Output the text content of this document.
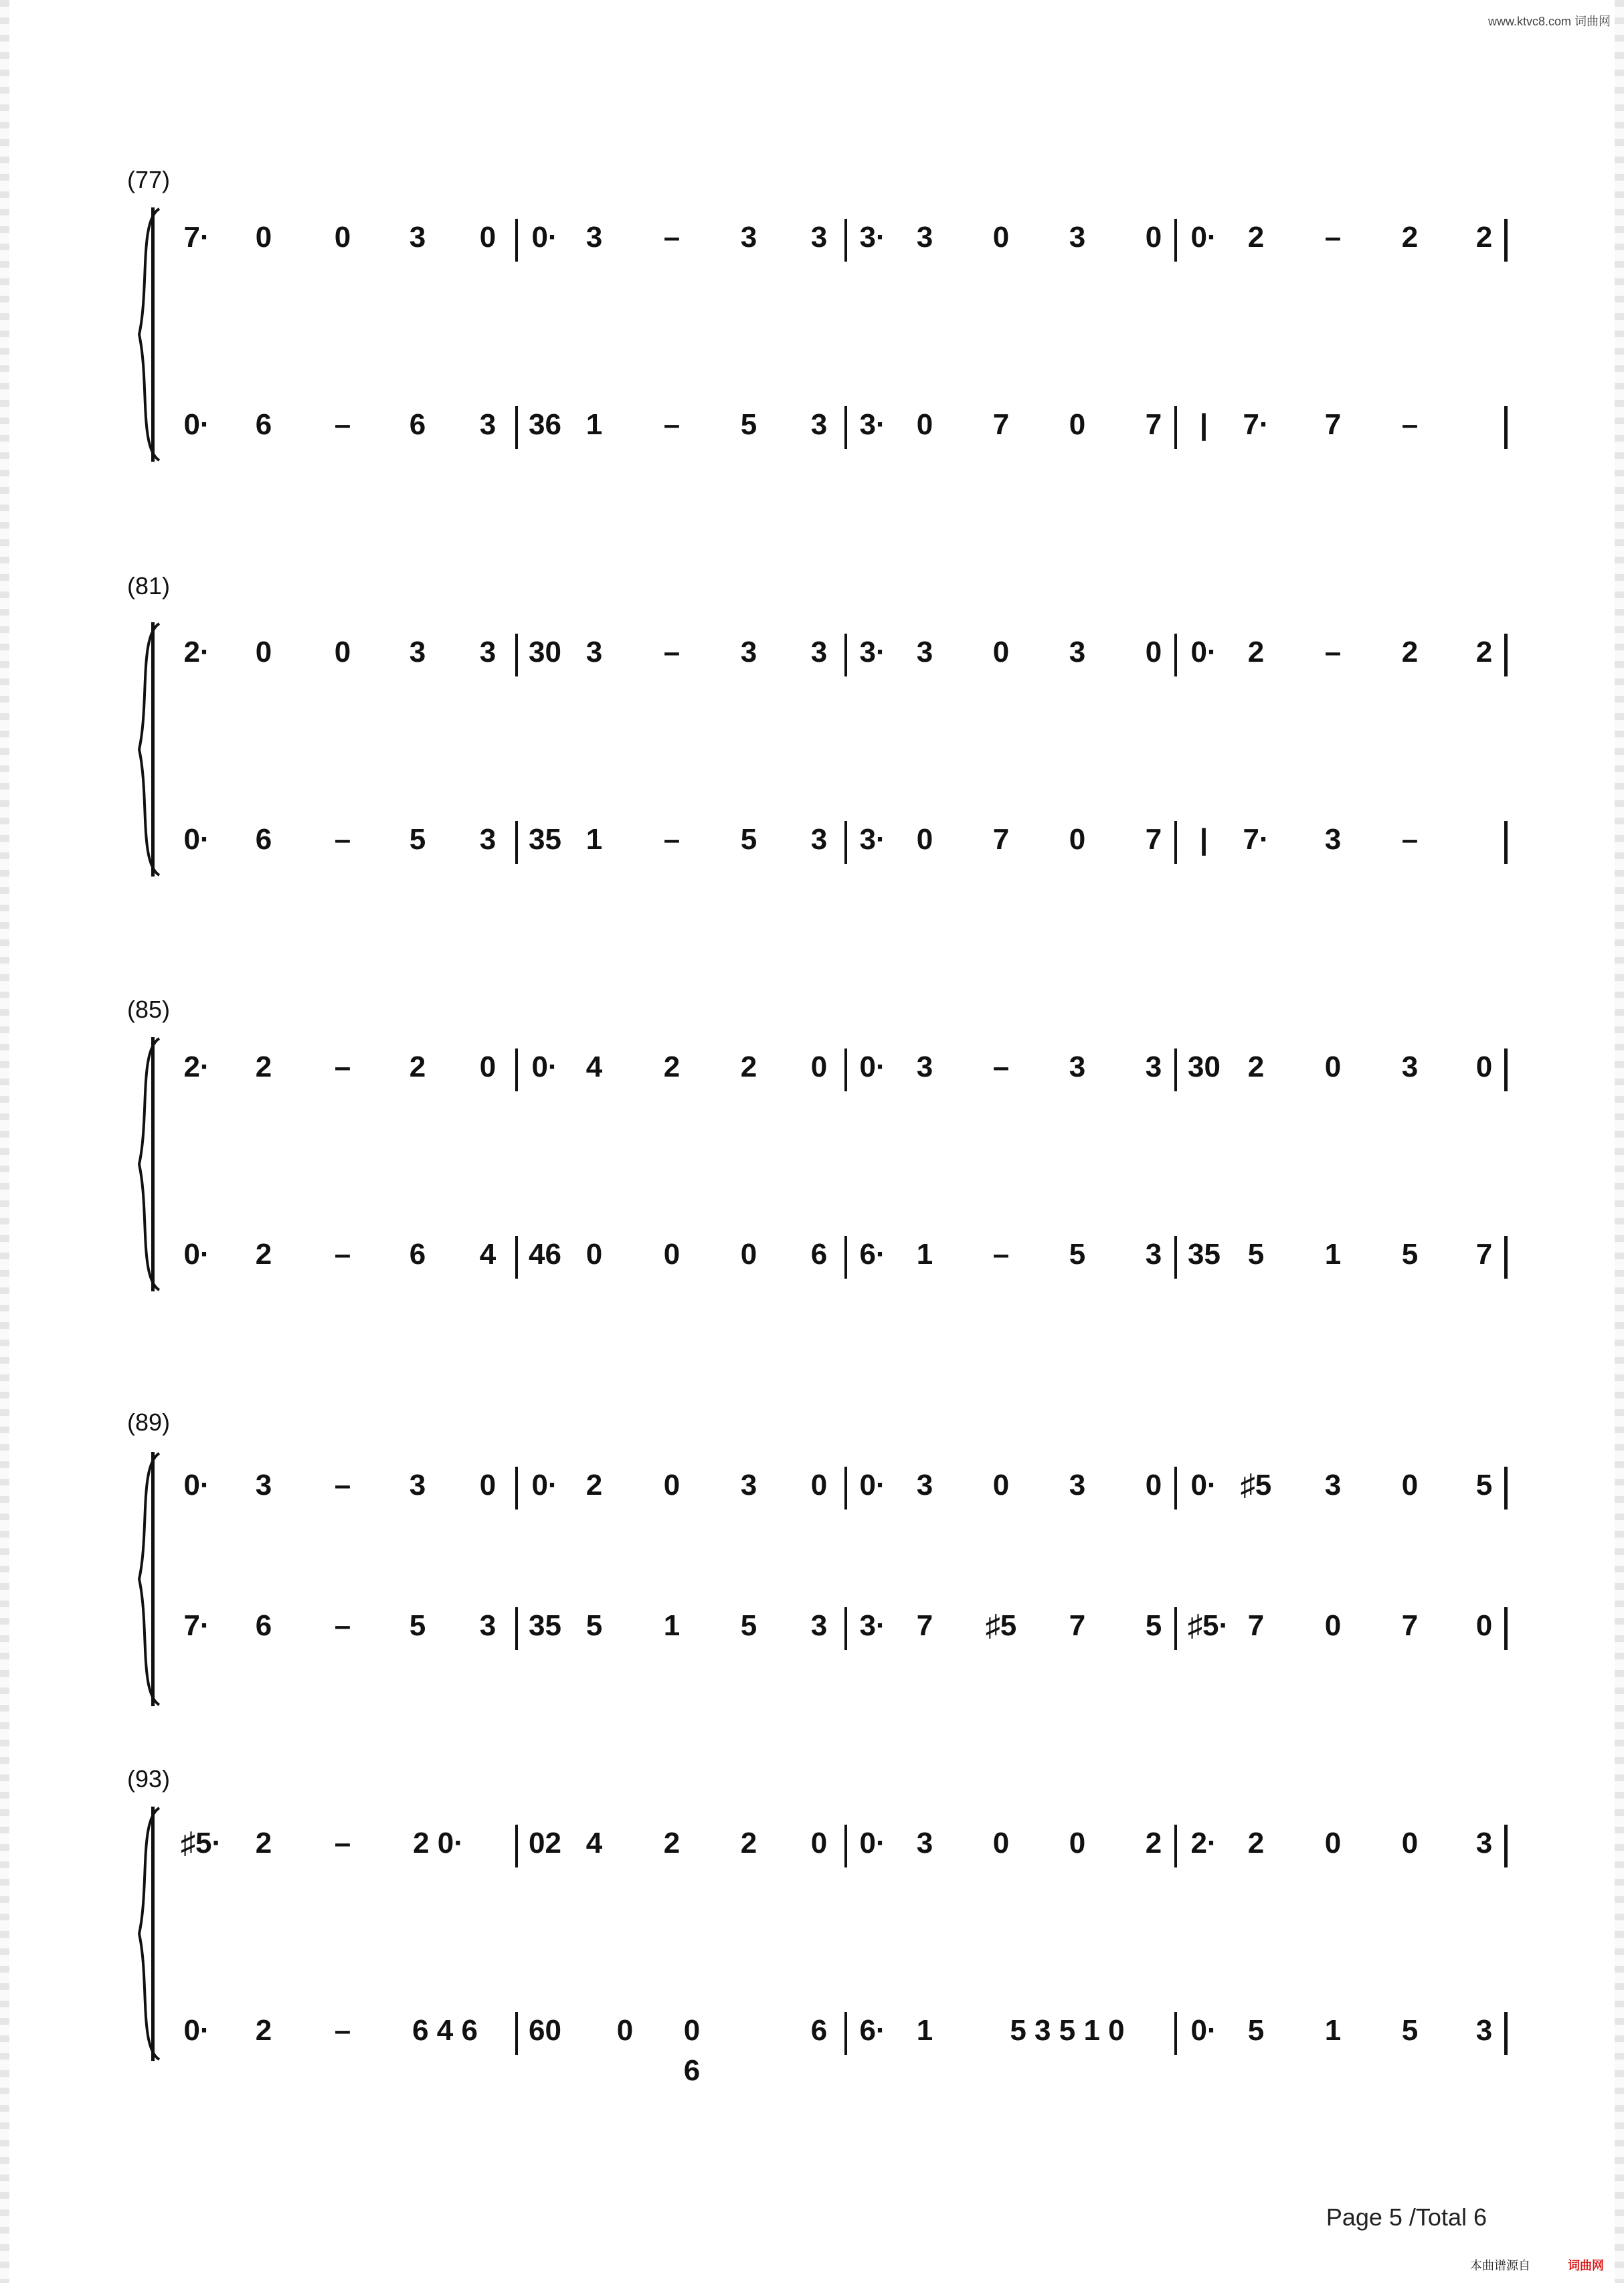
www.ktvc8.com 词曲网
(77)
7· 0 0 3 0 0· 3 – 3 3 3· 3 0 3 0 0· 2 – 2 2
0· 6 – 6 3 36 1 – 5 3 3· 0 7 0 7	|	7· 7 –
(81)
2· 0 0 3 3 30 3 – 3 3 3· 3 0 3 0 0· 2 – 2 2
0· 6 – 5 3 35 1 – 5 3 3· 0 7 0 7	|	7· 3 –
(85)
2· 2 – 2 0 0· 4 2 2 0 0· 3 – 3 3 30 2 0 3 0
0· 2 – 6 4 46 0 0 0 6 6· 1 – 5 3 35 5 1 5 7
(89)
0· 3 – 3 0 0· 2 0 3 0 0· 3 0 3 0 0· ♯5 3 0 5
7· 6 – 5 3 35 5 1 5 3 3· 7 ♯5 7 5 ♯5· 7 0 7 0
(93)
♯5· 2 –	2 0·	02 4 2 2 0 0· 3 0 0 2 2· 2 0 0 3
0· 2 –	6 4 6	60 0 0 6
6 6· 1	5 3 5 1 0	0· 5 1 5 3
Page 5 /Total 6
本曲谱源自	词曲网
